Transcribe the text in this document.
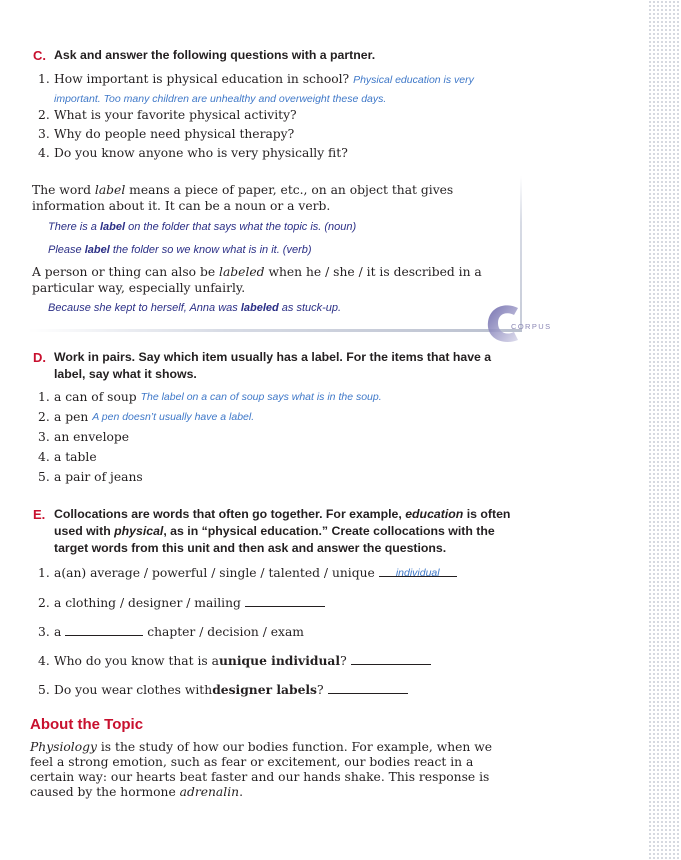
C. Ask and answer the following questions with a partner.
1. How important is physical education in school? Physical education is very
important. Too many children are unhealthy and overweight these days.
2. What is your favorite physical activity?
3. Why do people need physical therapy?
4. Do you know anyone who is very physically fit?
The word label means a piece of paper, etc., on an object that gives
information about it. It can be a noun or a verb.
There is a label on the folder that says what the topic is. (noun)
Please label the folder so we know what is in it. (verb)
A person or thing can also be labeled when he / she / it is described in a
particular way, especially unfairly.
Because she kept to herself, Anna was labeled as stuck-up.
CORPUS
D. Work in pairs. Say which item usually has a label. For the items that have a label, say what it shows.
1. a can of soup
The label on a can of soup says what is in the soup.
2. a pen
A pen doesn’t usually have a label.
3. an envelope
4. a table
5. a pair of jeans
E. Collocations are words that often go together. For example, education is often used with physical, as in “physical education.” Create collocations with the target words from this unit and then ask and answer the questions.
1. a(an) average / powerful / single / talented / unique
	individual
2. a clothing / designer / mailing

3. a

	chapter / decision / exam
4. Who do you know that is a unique individual ?

5. Do you wear clothes with designer labels ?

About the Topic
Physiology is the study of how our bodies function. For example, when we feel a strong emotion, such as fear or excitement, our bodies react in a certain way: our hearts beat faster and our hands shake. This response is caused by the hormone adrenalin.
